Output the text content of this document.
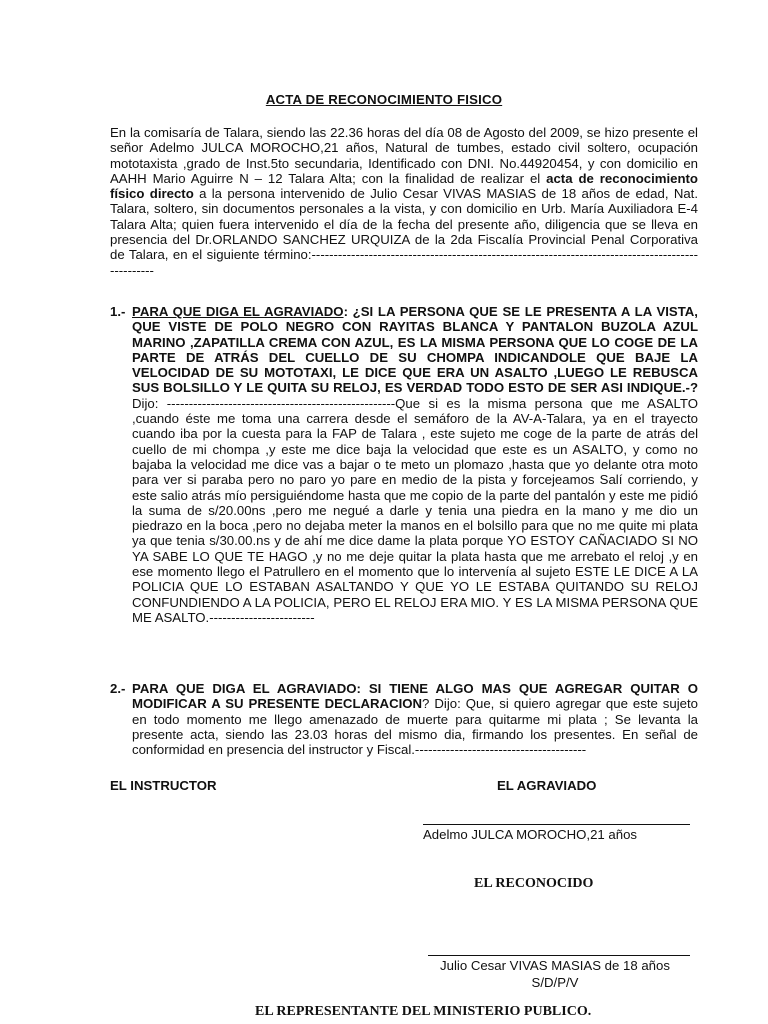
ACTA DE RECONOCIMIENTO FISICO
En la comisaría de Talara, siendo las 22.36 horas del día 08 de Agosto del 2009, se hizo presente el señor Adelmo JULCA MOROCHO,21 años, Natural de tumbes, estado civil soltero, ocupación mototaxista ,grado de Inst.5to secundaria, Identificado con DNI. No.44920454, y con domicilio en AAHH Mario Aguirre N – 12 Talara Alta; con la finalidad de realizar el acta de reconocimiento físico directo a la persona intervenido de Julio Cesar VIVAS MASIAS de 18 años de edad, Nat. Talara, soltero, sin documentos personales a la vista, y con domicilio en Urb. María Auxiliadora E-4 Talara Alta; quien fuera intervenido el día de la fecha del presente año, diligencia que se lleva en presencia del Dr.ORLANDO SANCHEZ URQUIZA de la 2da Fiscalía Provincial Penal Corporativa de Talara, en el siguiente término:--------------------------------------------------------------------------------------------------
1.- PARA QUE DIGA EL AGRAVIADO: ¿SI LA PERSONA QUE SE LE PRESENTA A LA VISTA, QUE VISTE DE POLO NEGRO CON RAYITAS BLANCA Y PANTALON BUZOLA AZUL MARINO ,ZAPATILLA CREMA CON AZUL, ES LA MISMA PERSONA QUE LO COGE DE LA PARTE DE ATRÁS DEL CUELLO DE SU CHOMPA INDICANDOLE QUE BAJE LA VELOCIDAD DE SU MOTOTAXI, LE DICE QUE ERA UN ASALTO ,LUEGO LE REBUSCA SUS BOLSILLO Y LE QUITA SU RELOJ, ES VERDAD TODO ESTO DE SER ASI INDIQUE.-? Dijo: ----------------------------------------------------Que si es la misma persona que me ASALTO ,cuando éste me toma una carrera desde el semáforo de la AV-A-Talara, ya en el trayecto cuando iba por la cuesta para la FAP de Talara , este sujeto me coge de la parte de atrás del cuello de mi chompa ,y este me dice baja la velocidad que este es un ASALTO, y como no bajaba la velocidad me dice vas a bajar o te meto un plomazo ,hasta que yo delante otra moto para ver si paraba pero no paro yo pare en medio de la pista y forcejeamos Salí corriendo, y este salio atrás mío persiguiéndome hasta que me copio de la parte del pantalón y este me pidió la suma de s/20.00ns ,pero me negué a darle y tenia una piedra en la mano y me dio un piedrazo en la boca ,pero no dejaba meter la manos en el bolsillo para que no me quite mi plata ya que tenia s/30.00.ns y de ahí me dice dame la plata porque YO ESTOY CAÑACIADO SI NO YA SABE LO QUE TE HAGO ,y no me deje quitar la plata hasta que me arrebato el reloj ,y en ese momento llego el Patrullero en el momento que lo intervenía al sujeto ESTE LE DICE A LA POLICIA QUE LO ESTABAN ASALTANDO Y QUE YO LE ESTABA QUITANDO SU RELOJ CONFUNDIENDO A LA POLICIA, PERO EL RELOJ ERA MIO. Y ES LA MISMA PERSONA QUE ME ASALTO.------------------------
2.- PARA QUE DIGA EL AGRAVIADO: SI TIENE ALGO MAS QUE AGREGAR QUITAR O MODIFICAR A SU PRESENTE DECLARACION? Dijo: Que, si quiero agregar que este sujeto en todo momento me llego amenazado de muerte para quitarme mi plata ; Se levanta la presente acta, siendo las 23.03 horas del mismo dia, firmando los presentes. En señal de conformidad en presencia del instructor y Fiscal.---------------------------------------
EL INSTRUCTOR	EL AGRAVIADO
Adelmo JULCA MOROCHO,21 años
EL RECONOCIDO
Julio Cesar VIVAS MASIAS de 18 años
S/D/P/V
EL REPRESENTANTE DEL MINISTERIO PUBLICO.
